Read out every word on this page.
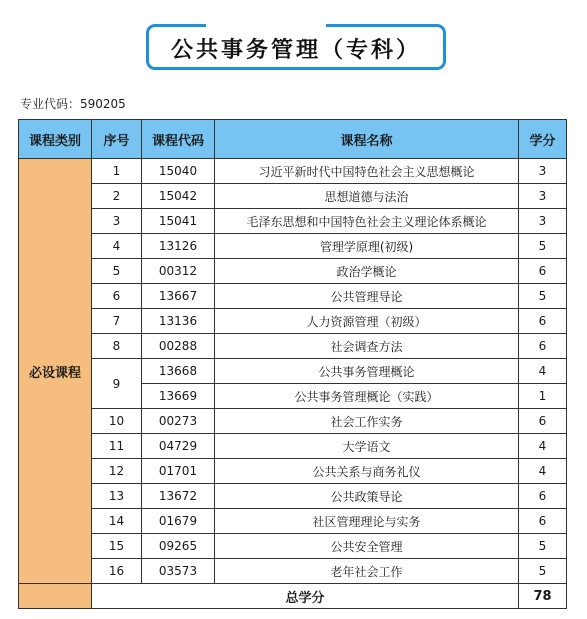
公共事务管理（专科）
专业代码：590205
课程类别	序号	课程代码	课程名称	学分
必设课程	1	15040	习近平新时代中国特色社会主义思想概论	3
	2	15042	思想道德与法治	3
	3	15041	毛泽东思想和中国特色社会主义理论体系概论	3
	4	13126	管理学原理(初级)	5
	5	00312	政治学概论	6
	6	13667	公共管理导论	5
	7	13136	人力资源管理（初级）	6
	8	00288	社会调查方法	6
	9	13668	公共事务管理概论	4
		13669	公共事务管理概论（实践）	1
	10	00273	社会工作实务	6
	11	04729	大学语文	4
	12	01701	公共关系与商务礼仪	4
	13	13672	公共政策导论	6
	14	01679	社区管理理论与实务	6
	15	09265	公共安全管理	5
	16	03573	老年社会工作	5
	总学分			78
